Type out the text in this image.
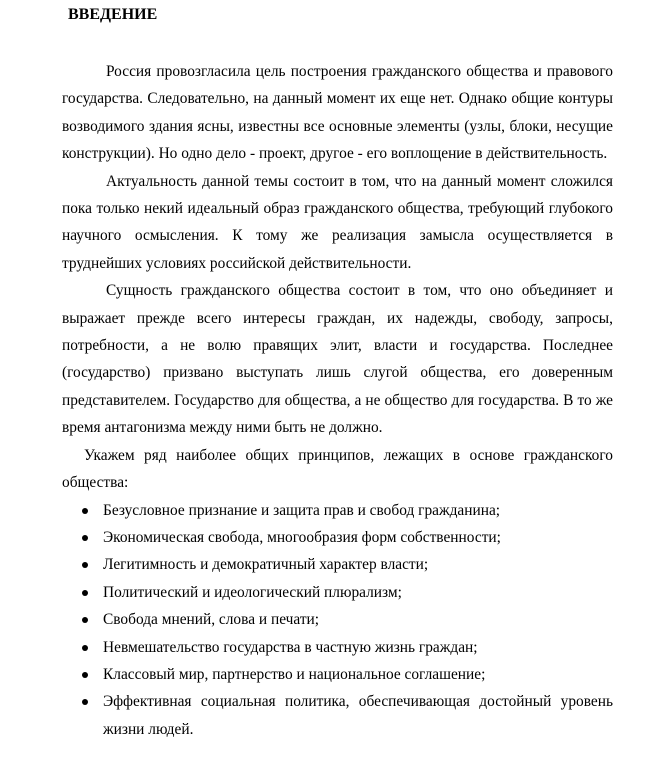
ВВЕДЕНИЕ

Россия провозгласила цель построения гражданского общества и правового государства. Следовательно, на данный момент их еще нет. Однако общие контуры возводимого здания ясны, известны все основные элементы (узлы, блоки, несущие конструкции). Но одно дело - проект, другое - его воплощение в действительность.

Актуальность данной темы состоит в том, что на данный момент сложился пока только некий идеальный образ гражданского общества, требующий глубокого научного осмысления. К тому же реализация замысла осуществляется в труднейших условиях российской действительности.

Сущность гражданского общества состоит в том, что оно объединяет и выражает прежде всего интересы граждан, их надежды, свободу, запросы, потребности, а не волю правящих элит, власти и государства. Последнее (государство) призвано выступать лишь слугой общества, его доверенным представителем. Государство для общества, а не общество для государства. В то же время антагонизма между ними быть не должно.

Укажем ряд наиболее общих принципов, лежащих в основе гражданского общества:

Безусловное признание и защита прав и свобод гражданина;
Экономическая свобода, многообразия форм собственности;
Легитимность и демократичный характер власти;
Политический и идеологический плюрализм;
Свобода мнений, слова и печати;
Невмешательство государства в частную жизнь граждан;
Классовый мир, партнерство и национальное соглашение;
Эффективная социальная политика, обеспечивающая достойный уровень жизни людей.
